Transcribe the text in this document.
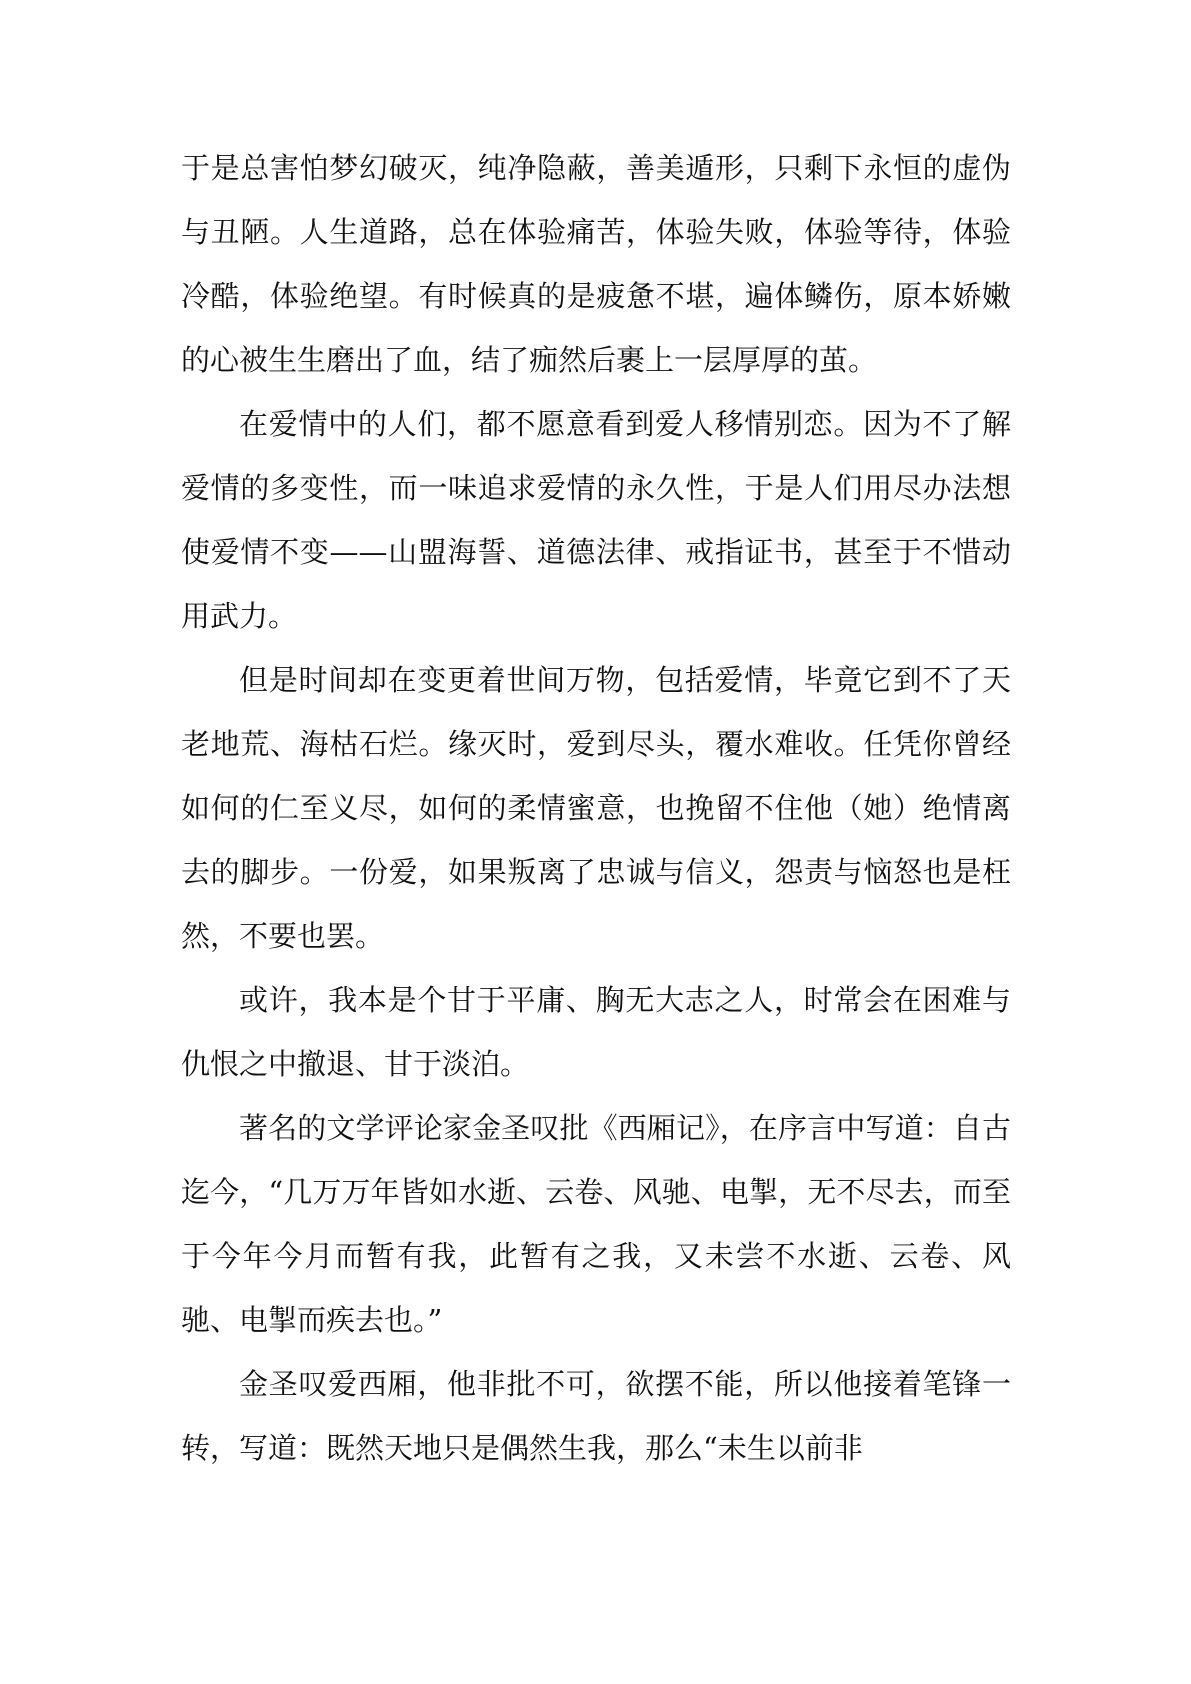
于是总害怕梦幻破灭，纯净隐蔽，善美遁形，只剩下永恒的虚伪与丑陋。人生道路，总在体验痛苦，体验失败，体验等待，体验冷酷，体验绝望。有时候真的是疲惫不堪，遍体鳞伤，原本娇嫩的心被生生磨出了血，结了痂然后裹上一层厚厚的茧。

在爱情中的人们，都不愿意看到爱人移情别恋。因为不了解爱情的多变性，而一味追求爱情的永久性，于是人们用尽办法想使爱情不变——山盟海誓、道德法律、戒指证书，甚至于不惜动用武力。

但是时间却在变更着世间万物，包括爱情，毕竟它到不了天老地荒、海枯石烂。缘灭时，爱到尽头，覆水难收。任凭你曾经如何的仁至义尽，如何的柔情蜜意，也挽留不住他（她）绝情离去的脚步。一份爱，如果叛离了忠诚与信义，怨责与恼怒也是枉然，不要也罢。

或许，我本是个甘于平庸、胸无大志之人，时常会在困难与仇恨之中撤退、甘于淡泊。

著名的文学评论家金圣叹批《西厢记》，在序言中写道：自古迄今，“几万万年皆如水逝、云卷、风驰、电掣，无不尽去，而至于今年今月而暂有我，此暂有之我，又未尝不水逝、云卷、风驰、电掣而疾去也。”

金圣叹爱西厢，他非批不可，欲摆不能，所以他接着笔锋一转，写道：既然天地只是偶然生我，那么“未生以前非
